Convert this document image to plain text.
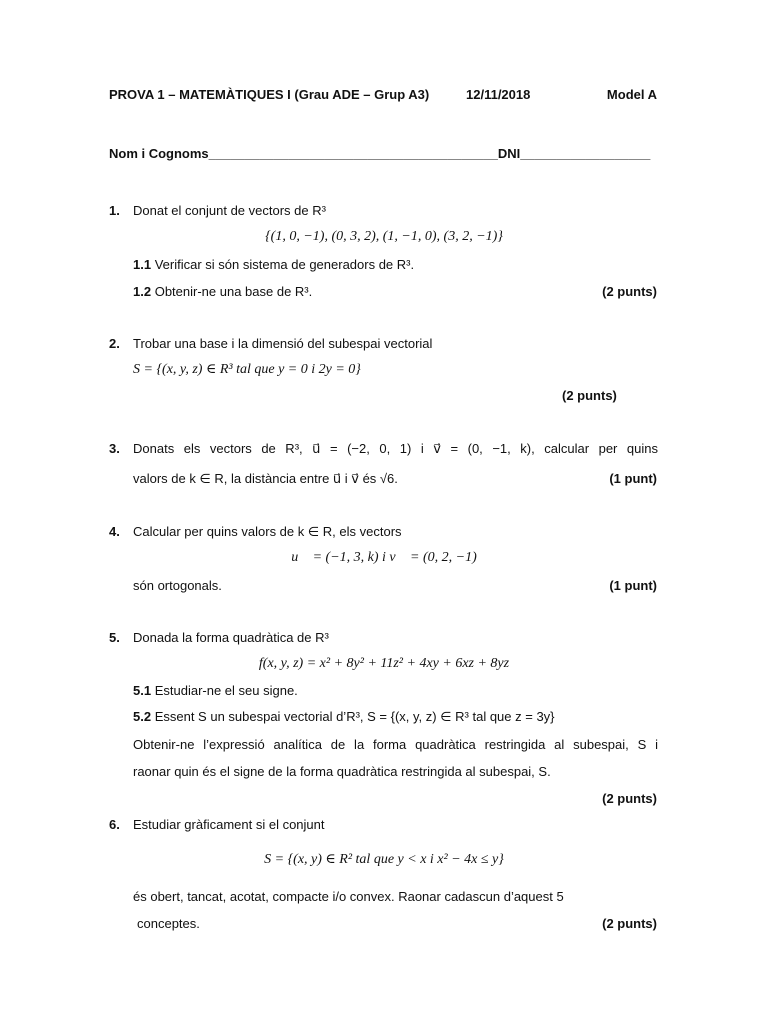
PROVA 1 – MATEMÀTIQUES I (Grau ADE – Grup A3)	12/11/2018	Model A
Nom i Cognoms________________________________________DNI__________________
1. Donat el conjunt de vectors de R³
{(1, 0, −1), (0, 3, 2), (1, −1, 0), (3, 2, −1)}
1.1 Verificar si són sistema de generadors de R³.
1.2 Obtenir-ne una base de R³.	(2 punts)
2. Trobar una base i la dimensió del subespai vectorial
S = {(x, y, z) ∈ R³ tal que y = 0 i 2y = 0}
(2 punts)
3. Donats els vectors de R³, u⃗ = (−2, 0, 1) i v⃗ = (0, −1, k), calcular per quins
valors de k ∈ R, la distància entre u⃗ i v⃗ és √6.	(1 punt)
4. Calcular per quins valors de k ∈ R, els vectors
u⃗ = (−1, 3, k) i v⃗ = (0, 2, −1)
són ortogonals.	(1 punt)
5. Donada la forma quadràtica de R³
f(x, y, z) = x² + 8y² + 11z² + 4xy + 6xz + 8yz
5.1 Estudiar-ne el seu signe.
5.2 Essent S un subespai vectorial d’R³, S = {(x, y, z) ∈ R³ tal que z = 3y}
Obtenir-ne l’expressió analítica de la forma quadràtica restringida al subespai, S i
raonar quin és el signe de la forma quadràtica restringida al subespai, S.
(2 punts)
6. Estudiar gràficament si el conjunt
S = {(x, y) ∈ R² tal que y < x i x² − 4x ≤ y}
és obert, tancat, acotat, compacte i/o convex. Raonar cadascun d’aquest 5
conceptes.	(2 punts)
